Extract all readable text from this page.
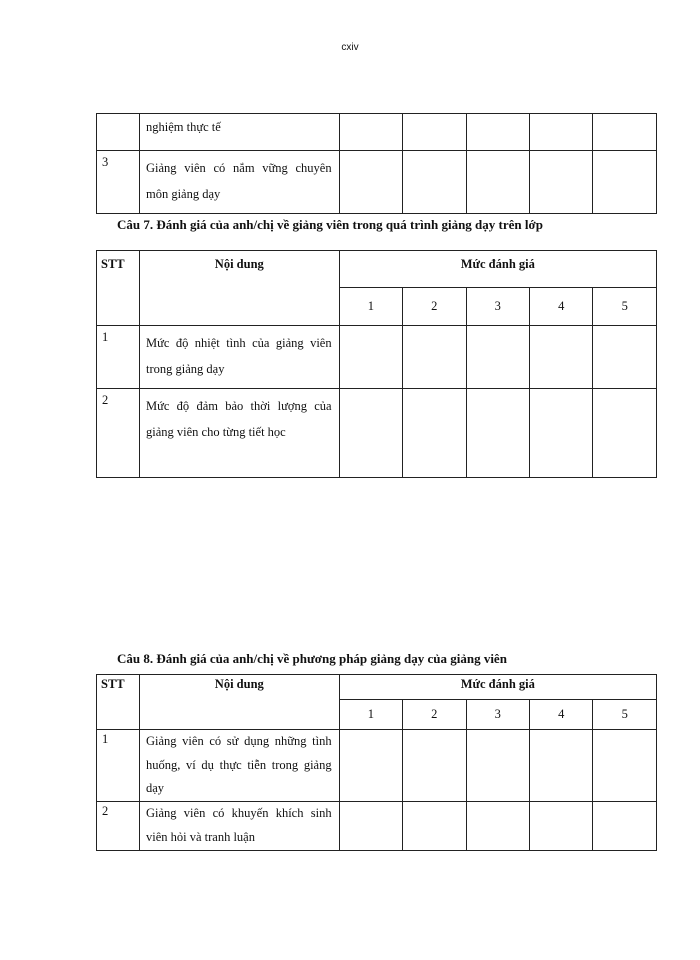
cxiv

	nghiệm thực tế					

3	Giảng viên có nắm vững chuyên môn giảng dạy					

Câu 7. Đánh giá của anh/chị về giảng viên trong quá trình giảng dạy trên lớp
STT	Nội dung	Mức đánh giá				

		1	2	3	4	5

1	Mức độ nhiệt tình của giảng viên trong giảng dạy					

2	Mức độ đảm bảo thời lượng của giảng viên cho từng tiết học					

Câu 8. Đánh giá của anh/chị về phương pháp giảng dạy của giảng viên
STT	Nội dung	Mức đánh giá				

		1	2	3	4	5

1	Giảng viên có sử dụng những tình huống, ví dụ thực tiễn trong giảng dạy					

2	Giảng viên có khuyến khích sinh viên hỏi và tranh luận					
